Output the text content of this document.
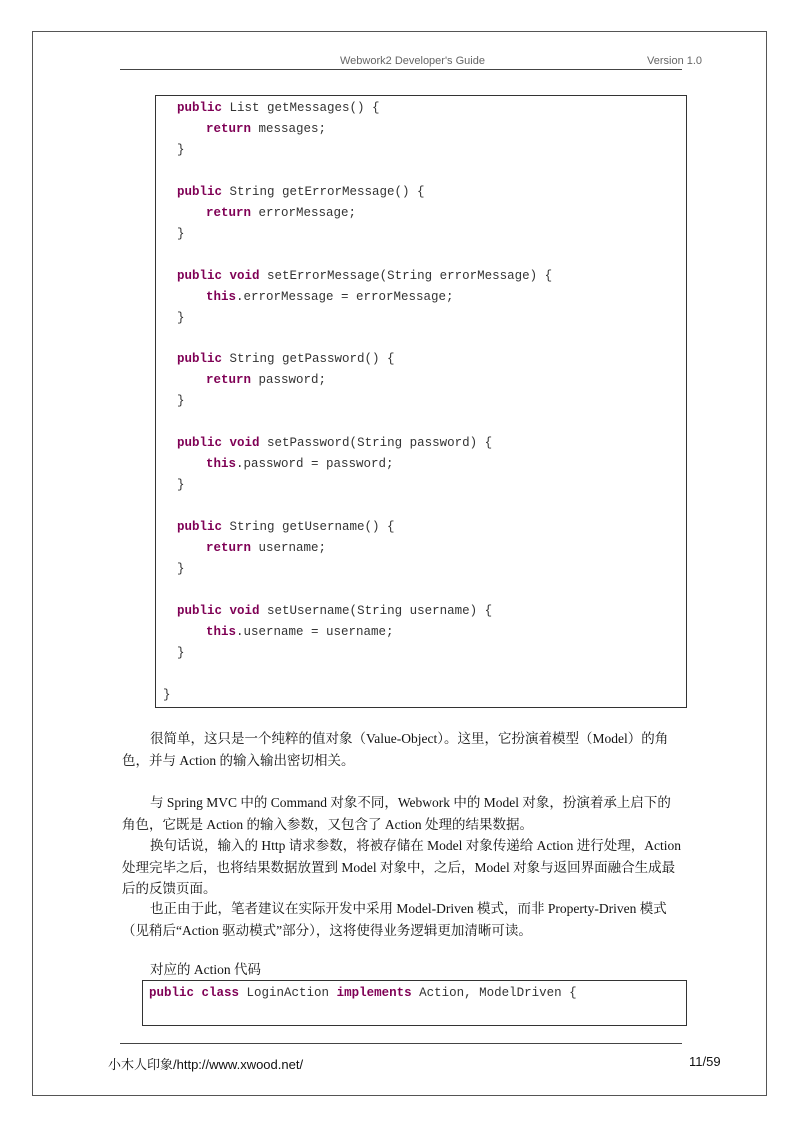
Webwork2 Developer's Guide	Version 1.0
public List getMessages() {
return messages;
}
public String getErrorMessage() {
return errorMessage;
}
public void setErrorMessage(String errorMessage) {
this.errorMessage = errorMessage;
}
public String getPassword() {
return password;
}
public void setPassword(String password) {
this.password = password;
}
public String getUsername() {
return username;
}
public void setUsername(String username) {
this.username = username;
}
}
很简单，这只是一个纯粹的值对象（Value-Object）。这里，它扮演着模型（Model）的角色，并与 Action 的输入输出密切相关。
与 Spring MVC 中的 Command 对象不同，Webwork 中的 Model 对象，扮演着承上启下的角色，它既是 Action 的输入参数，又包含了 Action 处理的结果数据。
换句话说，输入的 Http 请求参数，将被存储在 Model 对象传递给 Action 进行处理，Action 处理完毕之后，也将结果数据放置到 Model 对象中，之后，Model 对象与返回界面融合生成最后的反馈页面。
也正由于此，笔者建议在实际开发中采用 Model-Driven 模式，而非 Property-Driven 模式（见稍后“Action 驱动模式”部分），这将使得业务逻辑更加清晰可读。
对应的 Action 代码
public class LoginAction implements Action, ModelDriven {
小木人印象/http://www.xwood.net/	11/59
